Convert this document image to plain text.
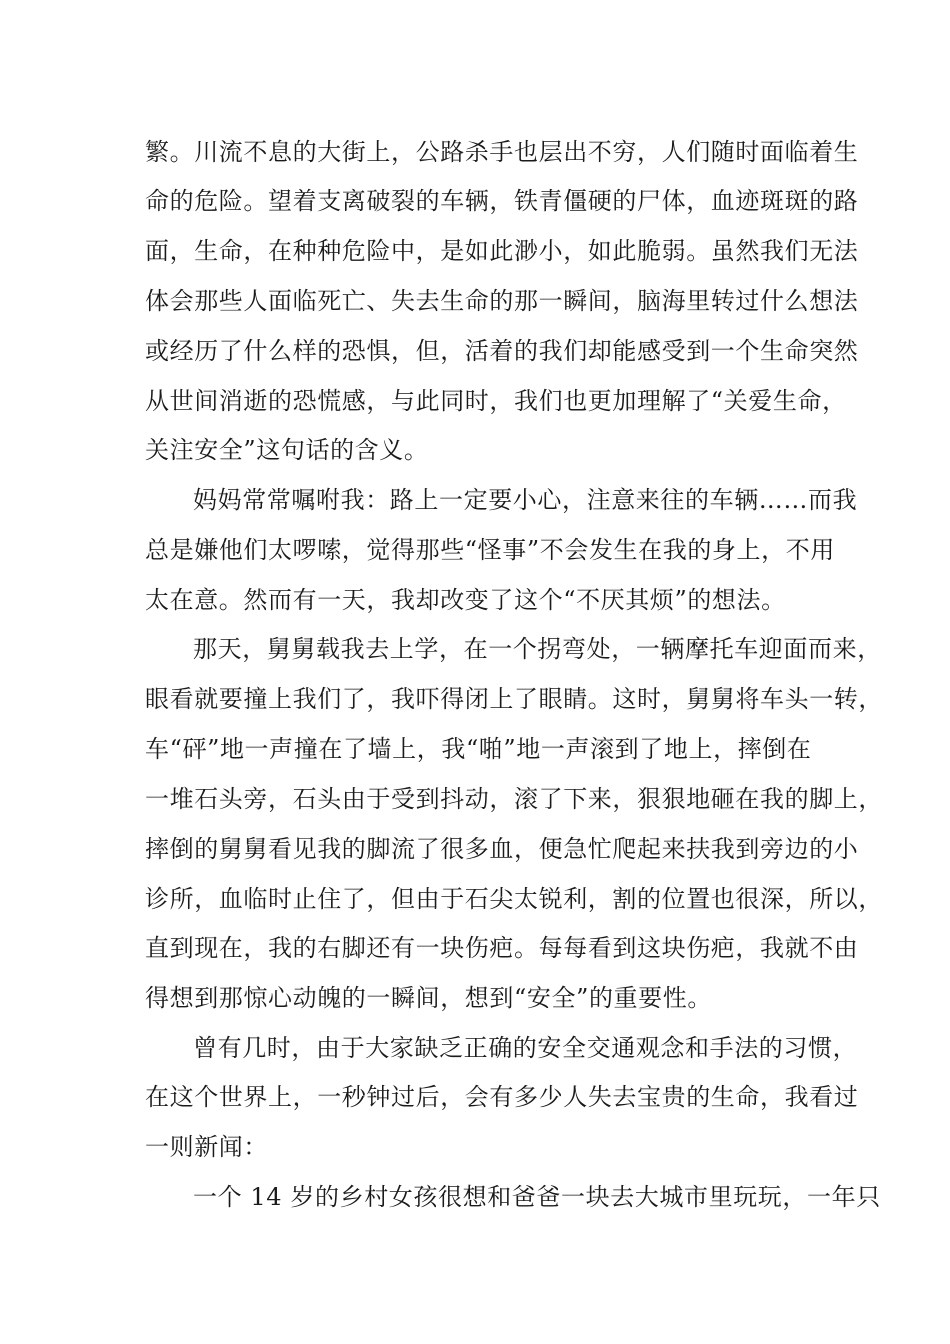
繁。川流不息的大街上，公路杀手也层出不穷，人们随时面临着生
命的危险。望着支离破裂的车辆，铁青僵硬的尸体，血迹斑斑的路
面，生命，在种种危险中，是如此渺小，如此脆弱。虽然我们无法
体会那些人面临死亡、失去生命的那一瞬间，脑海里转过什么想法
或经历了什么样的恐惧，但，活着的我们却能感受到一个生命突然
从世间消逝的恐慌感，与此同时，我们也更加理解了“关爱生命，
关注安全”这句话的含义。
妈妈常常嘱咐我：路上一定要小心，注意来往的车辆……而我
总是嫌他们太啰嗦，觉得那些“怪事”不会发生在我的身上，不用
太在意。然而有一天，我却改变了这个“不厌其烦”的想法。
那天，舅舅载我去上学，在一个拐弯处，一辆摩托车迎面而来，
眼看就要撞上我们了，我吓得闭上了眼睛。这时，舅舅将车头一转，
车“砰”地一声撞在了墙上，我“啪”地一声滚到了地上，摔倒在
一堆石头旁，石头由于受到抖动，滚了下来，狠狠地砸在我的脚上，
摔倒的舅舅看见我的脚流了很多血，便急忙爬起来扶我到旁边的小
诊所，血临时止住了，但由于石尖太锐利，割的位置也很深，所以，
直到现在，我的右脚还有一块伤疤。每每看到这块伤疤，我就不由
得想到那惊心动魄的一瞬间，想到“安全”的重要性。
曾有几时，由于大家缺乏正确的安全交通观念和手法的习惯，
在这个世界上，一秒钟过后，会有多少人失去宝贵的生命，我看过
一则新闻：
一个 14 岁的乡村女孩很想和爸爸一块去大城市里玩玩，一年只
